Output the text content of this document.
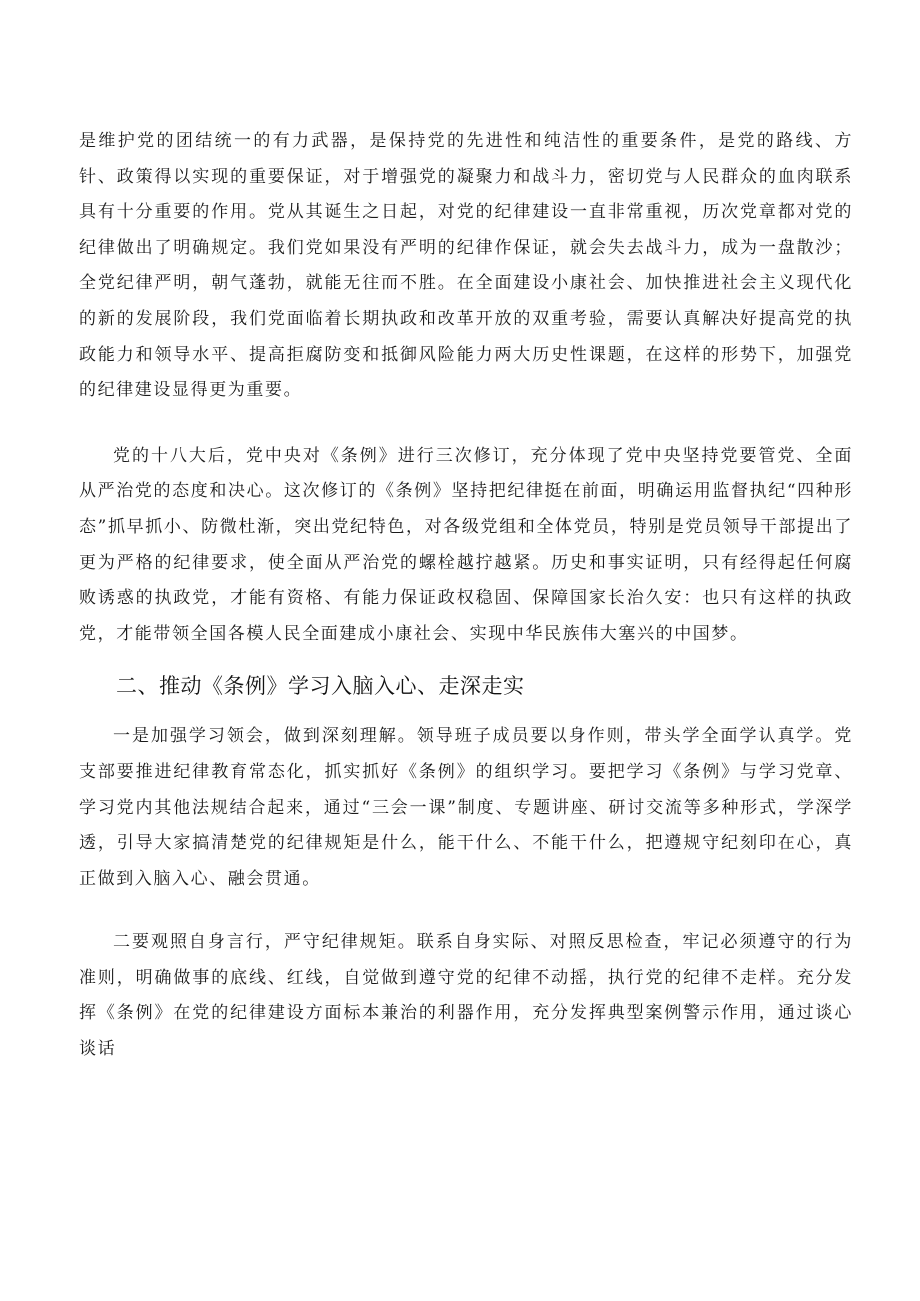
是维护党的团结统一的有力武器，是保持党的先进性和纯洁性的重要条件，是党的路线、方针、政策得以实现的重要保证，对于增强党的凝聚力和战斗力，密切党与人民群众的血肉联系具有十分重要的作用。党从其诞生之日起，对党的纪律建设一直非常重视，历次党章都对党的纪律做出了明确规定。我们党如果没有严明的纪律作保证，就会失去战斗力，成为一盘散沙；全党纪律严明，朝气蓬勃，就能无往而不胜。在全面建设小康社会、加快推进社会主义现代化的新的发展阶段，我们党面临着长期执政和改革开放的双重考验，需要认真解决好提高党的执政能力和领导水平、提高拒腐防变和抵御风险能力两大历史性课题，在这样的形势下，加强党的纪律建设显得更为重要。

党的十八大后，党中央对《条例》进行三次修订，充分体现了党中央坚持党要管党、全面从严治党的态度和决心。这次修订的《条例》坚持把纪律挺在前面，明确运用监督执纪“四种形态”抓早抓小、防微杜渐，突出党纪特色，对各级党组和全体党员，特别是党员领导干部提出了更为严格的纪律要求，使全面从严治党的螺栓越拧越紧。历史和事实证明，只有经得起任何腐败诱惑的执政党，才能有资格、有能力保证政权稳固、保障国家长治久安：也只有这样的执政党，才能带领全国各模人民全面建成小康社会、实现中华民族伟大塞兴的中国梦。

二、推动《条例》学习入脑入心、走深走实

一是加强学习领会，做到深刻理解。领导班子成员要以身作则，带头学全面学认真学。党支部要推进纪律教育常态化，抓实抓好《条例》的组织学习。要把学习《条例》与学习党章、学习党内其他法规结合起来，通过“三会一课”制度、专题讲座、研讨交流等多种形式，学深学透，引导大家搞清楚党的纪律规矩是什么，能干什么、不能干什么，把遵规守纪刻印在心，真正做到入脑入心、融会贯通。

二要观照自身言行，严守纪律规矩。联系自身实际、对照反思检查，牢记必须遵守的行为准则，明确做事的底线、红线，自觉做到遵守党的纪律不动摇，执行党的纪律不走样。充分发挥《条例》在党的纪律建设方面标本兼治的利器作用，充分发挥典型案例警示作用，通过谈心谈话
